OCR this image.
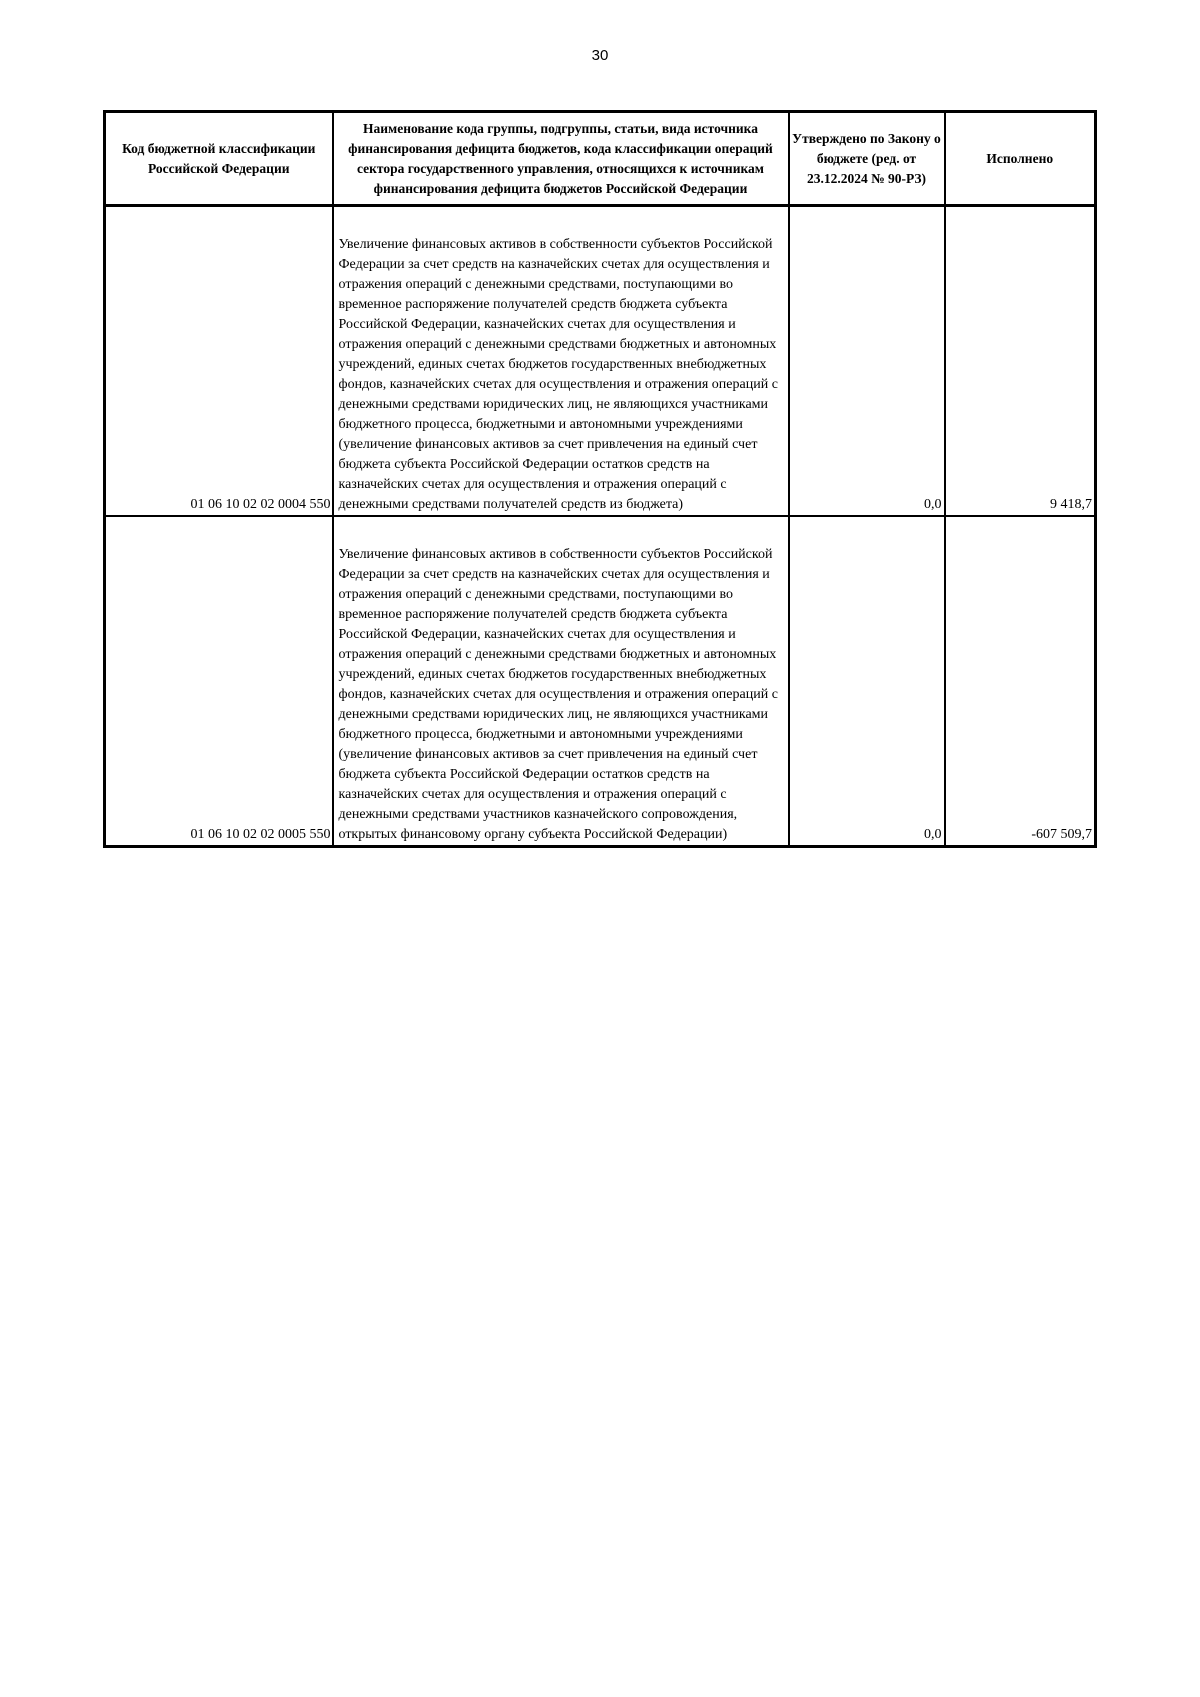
30
Код бюджетной классификации Российской Федерации	Наименование кода группы, подгруппы, статьи, вида источника финансирования дефицита бюджетов, кода классификации операций сектора государственного управления, относящихся к источникам финансирования дефицита бюджетов Российской Федерации	Утверждено по Закону о бюджете (ред. от 23.12.2024 № 90-РЗ)	Исполнено

01 06 10 02 02 0004 550	Увеличение финансовых активов в собственности субъектов Российской Федерации за счет средств на казначейских счетах для осуществления и отражения операций с денежными средствами, поступающими во временное распоряжение получателей средств бюджета субъекта Российской Федерации, казначейских счетах для осуществления и отражения операций с денежными средствами бюджетных и автономных учреждений, единых счетах бюджетов государственных внебюджетных фондов, казначейских счетах для осуществления и отражения операций с денежными средствами юридических лиц, не являющихся участниками бюджетного процесса, бюджетными и автономными учреждениями (увеличение финансовых активов за счет привлечения на единый счет бюджета субъекта Российской Федерации остатков средств на казначейских счетах для осуществления и отражения операций с денежными средствами получателей средств из бюджета)	0,0	9 418,7
01 06 10 02 02 0005 550	Увеличение финансовых активов в собственности субъектов Российской Федерации за счет средств на казначейских счетах для осуществления и отражения операций с денежными средствами, поступающими во временное распоряжение получателей средств бюджета субъекта Российской Федерации, казначейских счетах для осуществления и отражения операций с денежными средствами бюджетных и автономных учреждений, единых счетах бюджетов государственных внебюджетных фондов, казначейских счетах для осуществления и отражения операций с денежными средствами юридических лиц, не являющихся участниками бюджетного процесса, бюджетными и автономными учреждениями (увеличение финансовых активов за счет привлечения на единый счет бюджета субъекта Российской Федерации остатков средств на казначейских счетах для осуществления и отражения операций с денежными средствами участников казначейского сопровождения, открытых финансовому органу субъекта Российской Федерации)	0,0	-607 509,7
